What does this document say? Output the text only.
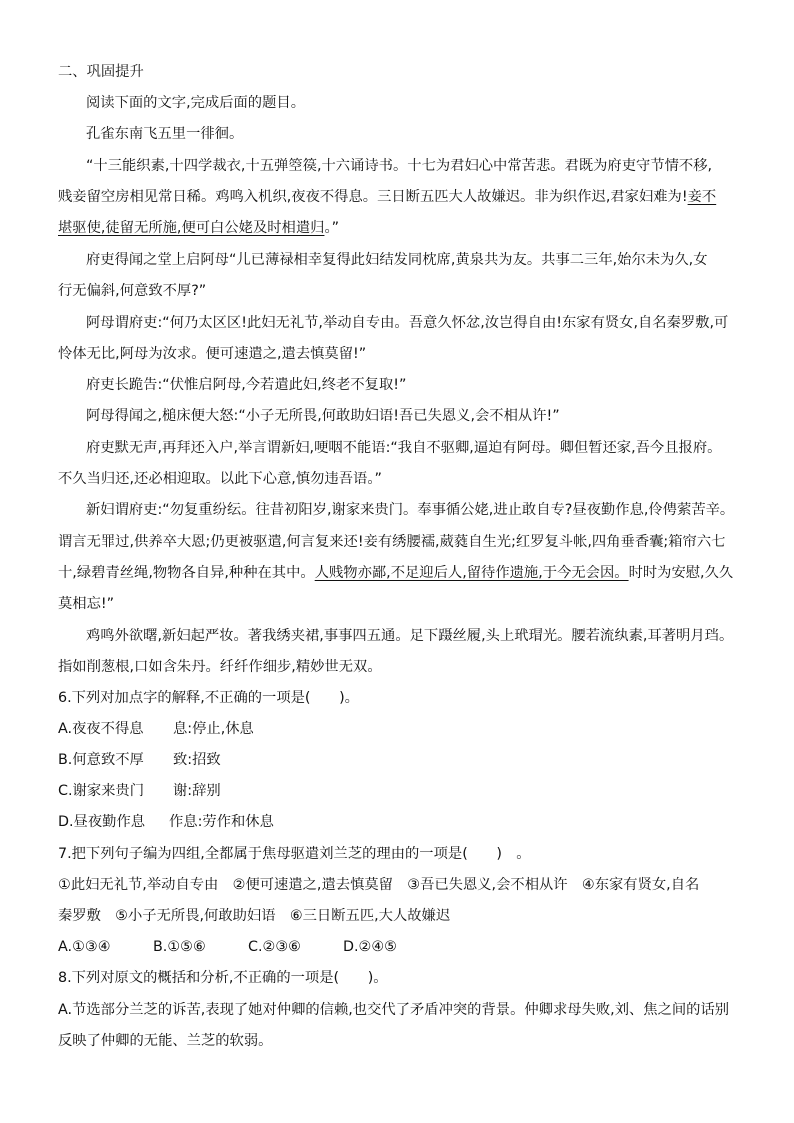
二、巩固提升
阅读下面的文字,完成后面的题目。
孔雀东南飞五里一徘徊。
“十三能织素,十四学裁衣,十五弹箜篌,十六诵诗书。十七为君妇心中常苦悲。君既为府吏守节情不移,
贱妾留空房相见常日稀。鸡鸣入机织,夜夜不得息。三日断五匹大人故嫌迟。非为织作迟,君家妇难为!妾不
堪驱使,徒留无所施,便可白公姥及时相遣归。”
府吏得闻之堂上启阿母“儿已薄禄相幸复得此妇结发同枕席,黄泉共为友。共事二三年,始尔未为久,女
行无偏斜,何意致不厚?”
阿母谓府吏:“何乃太区区!此妇无礼节,举动自专由。吾意久怀忿,汝岂得自由!东家有贤女,自名秦罗敷,可
怜体无比,阿母为汝求。便可速遣之,遣去慎莫留!”
府吏长跪告:“伏惟启阿母,今若遣此妇,终老不复取!”
阿母得闻之,槌床便大怒:“小子无所畏,何敢助妇语!吾已失恩义,会不相从许!”
府吏默无声,再拜还入户,举言谓新妇,哽咽不能语:“我自不驱卿,逼迫有阿母。卿但暂还家,吾今且报府。
不久当归还,还必相迎取。以此下心意,慎勿违吾语。”
新妇谓府吏:“勿复重纷纭。往昔初阳岁,谢家来贵门。奉事循公姥,进止敢自专?昼夜勤作息,伶俜萦苦辛。
谓言无罪过,供养卒大恩;仍更被驱遣,何言复来还!妾有绣腰襦,葳蕤自生光;红罗复斗帐,四角垂香囊;箱帘六七
十,绿碧青丝绳,物物各自异,种种在其中。人贱物亦鄙,不足迎后人,留待作遗施,于今无会因。时时为安慰,久久
莫相忘!”
鸡鸣外欲曙,新妇起严妆。著我绣夹裙,事事四五通。足下蹑丝履,头上玳瑁光。腰若流纨素,耳著明月珰。
指如削葱根,口如含朱丹。纤纤作细步,精妙世无双。
6.下列对加点字的解释,不正确的一项是(　　)。
A.夜夜不得息 息:停止,休息
B.何意致不厚 致:招致
C.谢家来贵门 谢:辞别
D.昼夜勤作息 作息:劳作和休息
7.把下列句子编为四组,全都属于焦母驱遣刘兰芝的理由的一项是(　　)　。
①此妇无礼节,举动自专由　②便可速遣之,遣去慎莫留　③吾已失恩义,会不相从许　④东家有贤女,自名
秦罗敷　⑤小子无所畏,何敢助妇语　⑥三日断五匹,大人故嫌迟
A.①③④	B.①⑤⑥	C.②③⑥	D.②④⑤
8.下列对原文的概括和分析,不正确的一项是(　　)。
A.节选部分兰芝的诉苦,表现了她对仲卿的信赖,也交代了矛盾冲突的背景。仲卿求母失败,刘、焦之间的话别
反映了仲卿的无能、兰芝的软弱。
